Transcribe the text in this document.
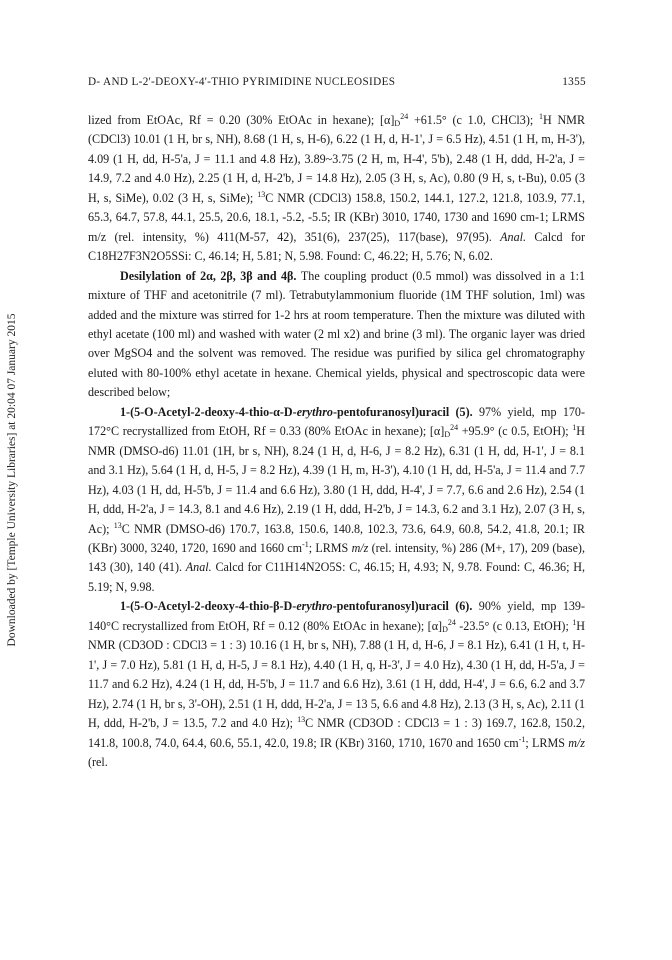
D- AND L-2'-DEOXY-4'-THIO PYRIMIDINE NUCLEOSIDES	1355
Downloaded by [Temple University Libraries] at 20:04 07 January 2015

lized from EtOAc, Rf = 0.20 (30% EtOAc in hexane); $[\alpha]_D^{24} +61.5^\circ$ (c 1.0, CHCl3); $^1$H NMR (CDCl3) 10.01 (1 H, br s, NH), 8.68 (1 H, s, H-6), 6.22 (1 H, d, H-1', J = 6.5 Hz), 4.51 (1 H, m, H-3'), 4.09 (1 H, dd, H-5'a, J = 11.1 and 4.8 Hz), 3.89~3.75 (2 H, m, H-4', 5'b), 2.48 (1 H, ddd, H-2'a, J = 14.9, 7.2 and 4.0 Hz), 2.25 (1 H, d, H-2'b, J = 14.8 Hz), 2.05 (3 H, s, Ac), 0.80 (9 H, s, t-Bu), 0.05 (3 H, s, SiMe), 0.02 (3 H, s, SiMe); $^{13}$C NMR (CDCl3) 158.8, 150.2, 144.1, 127.2, 121.8, 103.9, 77.1, 65.3, 64.7, 57.8, 44.1, 25.5, 20.6, 18.1, -5.2, -5.5; IR (KBr) 3010, 1740, 1730 and 1690 cm-1; LRMS m/z (rel. intensity, %) 411(M-57, 42), 351(6), 237(25), 117(base), 97(95). Anal. Calcd for C18H27F3N2O5SSi: C, 46.14; H, 5.81; N, 5.98. Found: C, 46.22; H, 5.76; N, 6.02.

Desilylation of 2α, 2β, 3β and 4β. The coupling product (0.5 mmol) was dissolved in a 1:1 mixture of THF and acetonitrile (7 ml). Tetrabutylammonium fluoride (1M THF solution, 1ml) was added and the mixture was stirred for 1-2 hrs at room temperature. Then the mixture was diluted with ethyl acetate (100 ml) and washed with water (2 ml x2) and brine (3 ml). The organic layer was dried over MgSO4 and the solvent was removed. The residue was purified by silica gel chromatography eluted with 80-100% ethyl acetate in hexane. Chemical yields, physical and spectroscopic data were described below;

1-(5-O-Acetyl-2-deoxy-4-thio-α-D-erythro-pentofuranosyl)uracil (5). 97% yield, mp 170-172°C recrystallized from EtOH, Rf = 0.33 (80% EtOAc in hexane); $[\alpha]_D^{24} +95.9^\circ$ (c 0.5, EtOH); $^1$H NMR (DMSO-d6) 11.01 (1H, br s, NH), 8.24 (1 H, d, H-6, J = 8.2 Hz), 6.31 (1 H, dd, H-1', J = 8.1 and 3.1 Hz), 5.64 (1 H, d, H-5, J = 8.2 Hz), 4.39 (1 H, m, H-3'), 4.10 (1 H, dd, H-5'a, J = 11.4 and 7.7 Hz), 4.03 (1 H, dd, H-5'b, J = 11.4 and 6.6 Hz), 3.80 (1 H, ddd, H-4', J = 7.7, 6.6 and 2.6 Hz), 2.54 (1 H, ddd, H-2'a, J = 14.3, 8.1 and 4.6 Hz), 2.19 (1 H, ddd, H-2'b, J = 14.3, 6.2 and 3.1 Hz), 2.07 (3 H, s, Ac); $^{13}$C NMR (DMSO-d6) 170.7, 163.8, 150.6, 140.8, 102.3, 73.6, 64.9, 60.8, 54.2, 41.8, 20.1; IR (KBr) 3000, 3240, 1720, 1690 and 1660 $cm^{-1}$; LRMS m/z (rel. intensity, %) 286 (M+, 17), 209 (base), 143 (30), 140 (41). Anal. Calcd for C11H14N2O5S: C, 46.15; H, 4.93; N, 9.78. Found: C, 46.36; H, 5.19; N, 9.98.

1-(5-O-Acetyl-2-deoxy-4-thio-β-D-erythro-pentofuranosyl)uracil (6). 90% yield, mp 139-140°C recrystallized from EtOH, Rf = 0.12 (80% EtOAc in hexane); $[\alpha]_D^{24}$ -23.5° (c 0.13, EtOH); $^1$H NMR (CD3OD : CDCl3 = 1 : 3) 10.16 (1 H, br s, NH), 7.88 (1 H, d, H-6, J = 8.1 Hz), 6.41 (1 H, t, H-1', J = 7.0 Hz), 5.81 (1 H, d, H-5, J = 8.1 Hz), 4.40 (1 H, q, H-3', J = 4.0 Hz), 4.30 (1 H, dd, H-5'a, J = 11.7 and 6.2 Hz), 4.24 (1 H, dd, H-5'b, J = 11.7 and 6.6 Hz), 3.61 (1 H, ddd, H-4', J = 6.6, 6.2 and 3.7 Hz), 2.74 (1 H, br s, 3'-OH), 2.51 (1 H, ddd, H-2'a, J = 13 5, 6.6 and 4.8 Hz), 2.13 (3 H, s, Ac), 2.11 (1 H, ddd, H-2'b, J = 13.5, 7.2 and 4.0 Hz); $^{13}$C NMR (CD3OD : CDCl3 = 1 : 3) 169.7, 162.8, 150.2, 141.8, 100.8, 74.0, 64.4, 60.6, 55.1, 42.0, 19.8; IR (KBr) 3160, 1710, 1670 and 1650 $cm^{-1}$; LRMS m/z (rel.
